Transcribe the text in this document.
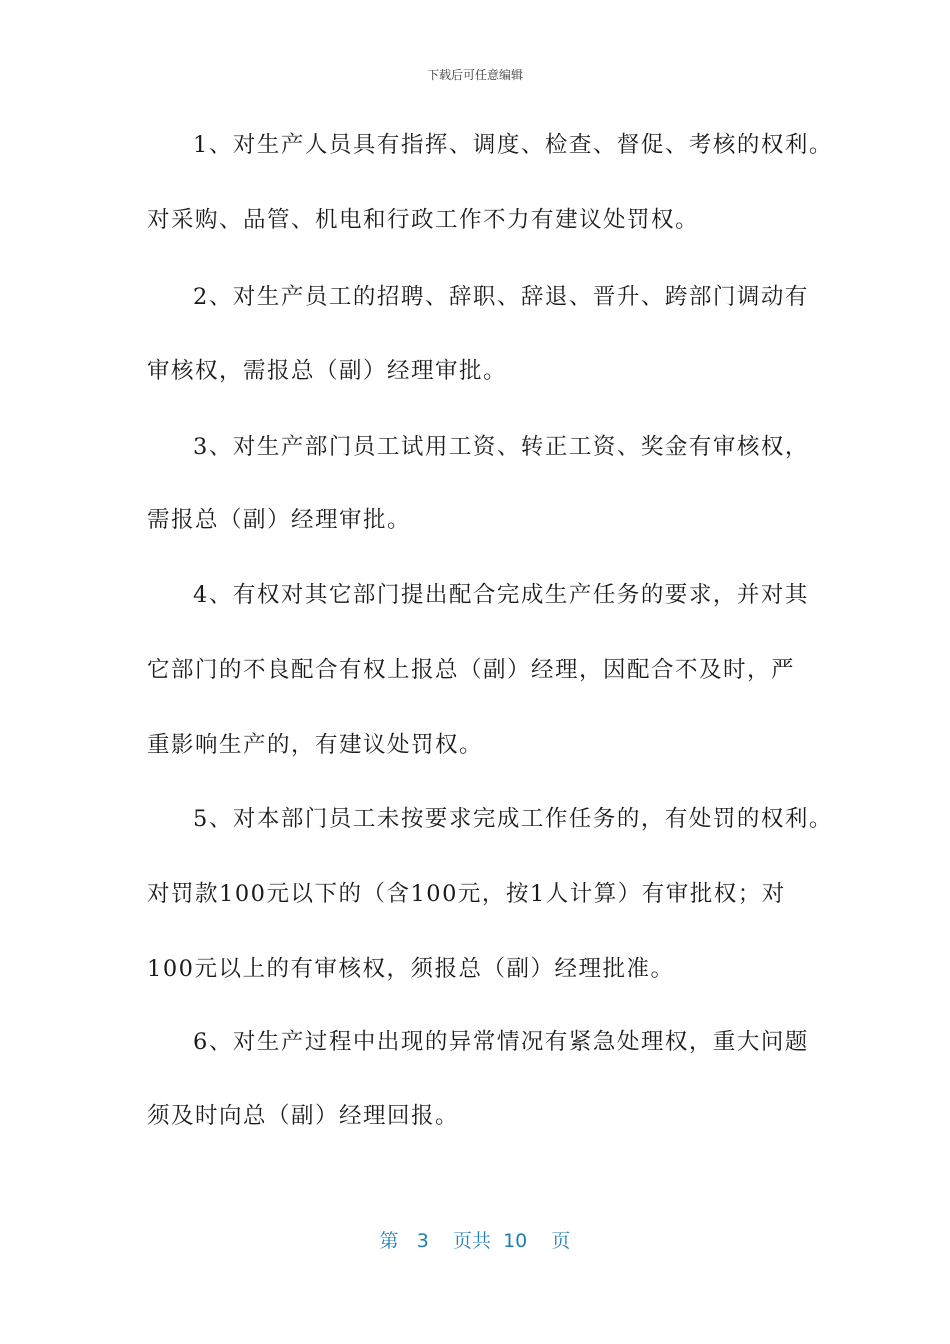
下载后可任意编辑
1、对生产人员具有指挥、调度、检查、督促、考核的权利。
对采购、品管、机电和行政工作不力有建议处罚权。
2、对生产员工的招聘、辞职、辞退、晋升、跨部门调动有
审核权，需报总（副）经理审批。
3、对生产部门员工试用工资、转正工资、奖金有审核权，
需报总（副）经理审批。
4、有权对其它部门提出配合完成生产任务的要求，并对其
它部门的不良配合有权上报总（副）经理，因配合不及时，严
重影响生产的，有建议处罚权。
5、对本部门员工未按要求完成工作任务的，有处罚的权利。
对罚款100元以下的（含100元，按1人计算）有审批权；对
100元以上的有审核权，须报总（副）经理批准。
6、对生产过程中出现的异常情况有紧急处理权，重大问题
须及时向总（副）经理回报。
第 3 页共 10 页
